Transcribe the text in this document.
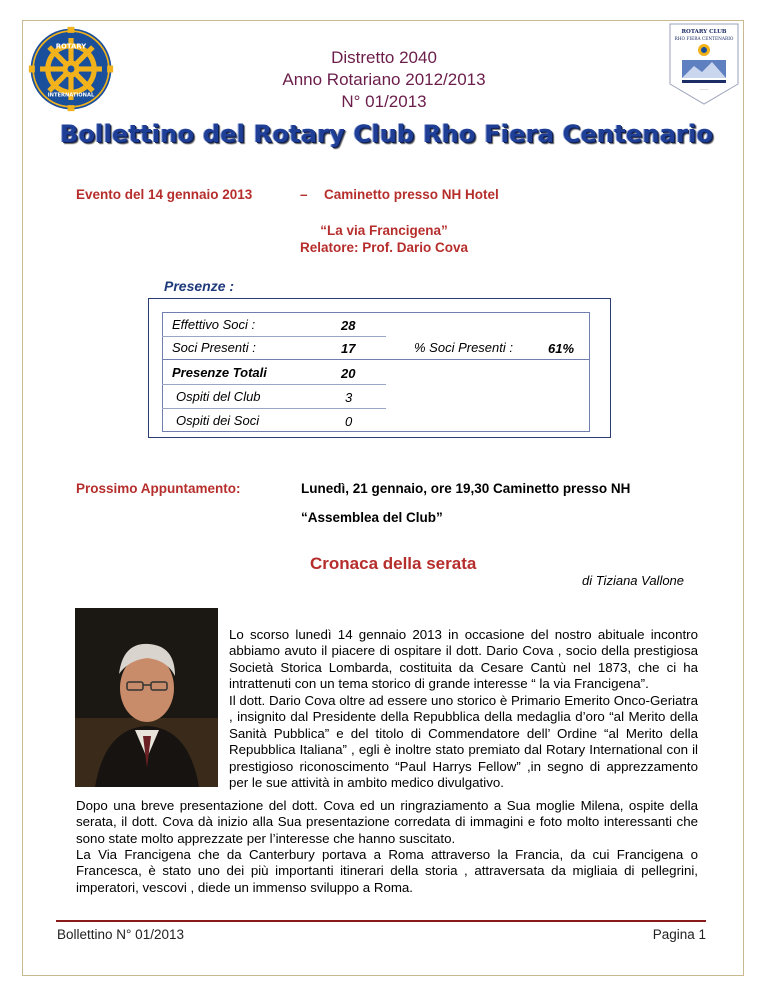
ROTARY
INTERNATIONAL
ROTARY CLUB
RHO FIERA CENTENARIO
———
Distretto 2040
Anno Rotariano 2012/2013
N° 01/2013
Bollettino del Rotary Club Rho Fiera Centenario
Evento del 14 gennaio 2013	– Caminetto presso NH Hotel
“La via Francigena”
Relatore: Prof. Dario Cova
Presenze :
Effettivo Soci :	28
Soci Presenti :	17	% Soci Presenti :	61%
Presenze Totali	20
Ospiti del Club	3
Ospiti dei Soci	0
Prossimo Appuntamento:	Lunedì, 21 gennaio, ore 19,30 Caminetto presso NH
“Assemblea del Club”
Cronaca della serata
di Tiziana Vallone
Lo scorso lunedì 14 gennaio 2013 in occasione del nostro abituale incontro abbiamo avuto il piacere di ospitare il dott. Dario Cova , socio della prestigiosa Società Storica Lombarda, costituita da Cesare Cantù nel 1873, che ci ha intrattenuti con un tema storico di grande interesse “ la via Francigena”.
Il dott. Dario Cova oltre ad essere uno storico è Primario Emerito Onco-Geriatra , insignito dal Presidente della Repubblica della medaglia d’oro “al Merito della Sanità Pubblica” e del titolo di Commendatore dell’ Ordine “al Merito della Repubblica Italiana” , egli è inoltre stato premiato dal Rotary International con il prestigioso riconoscimento “Paul Harrys Fellow” ,in segno di apprezzamento per le sue attività in ambito medico divulgativo.
Dopo una breve presentazione del dott. Cova ed un ringraziamento a Sua moglie Milena, ospite della serata, il dott. Cova dà inizio alla Sua presentazione corredata di immagini e foto molto interessanti che sono state molto apprezzate per l’interesse che hanno suscitato.
La Via Francigena che da Canterbury portava a Roma attraverso la Francia, da cui Francigena o Francesca, è stato uno dei più importanti itinerari della storia , attraversata da migliaia di pellegrini, imperatori, vescovi , diede un immenso sviluppo a Roma.
Bollettino N° 01/2013	Pagina 1
